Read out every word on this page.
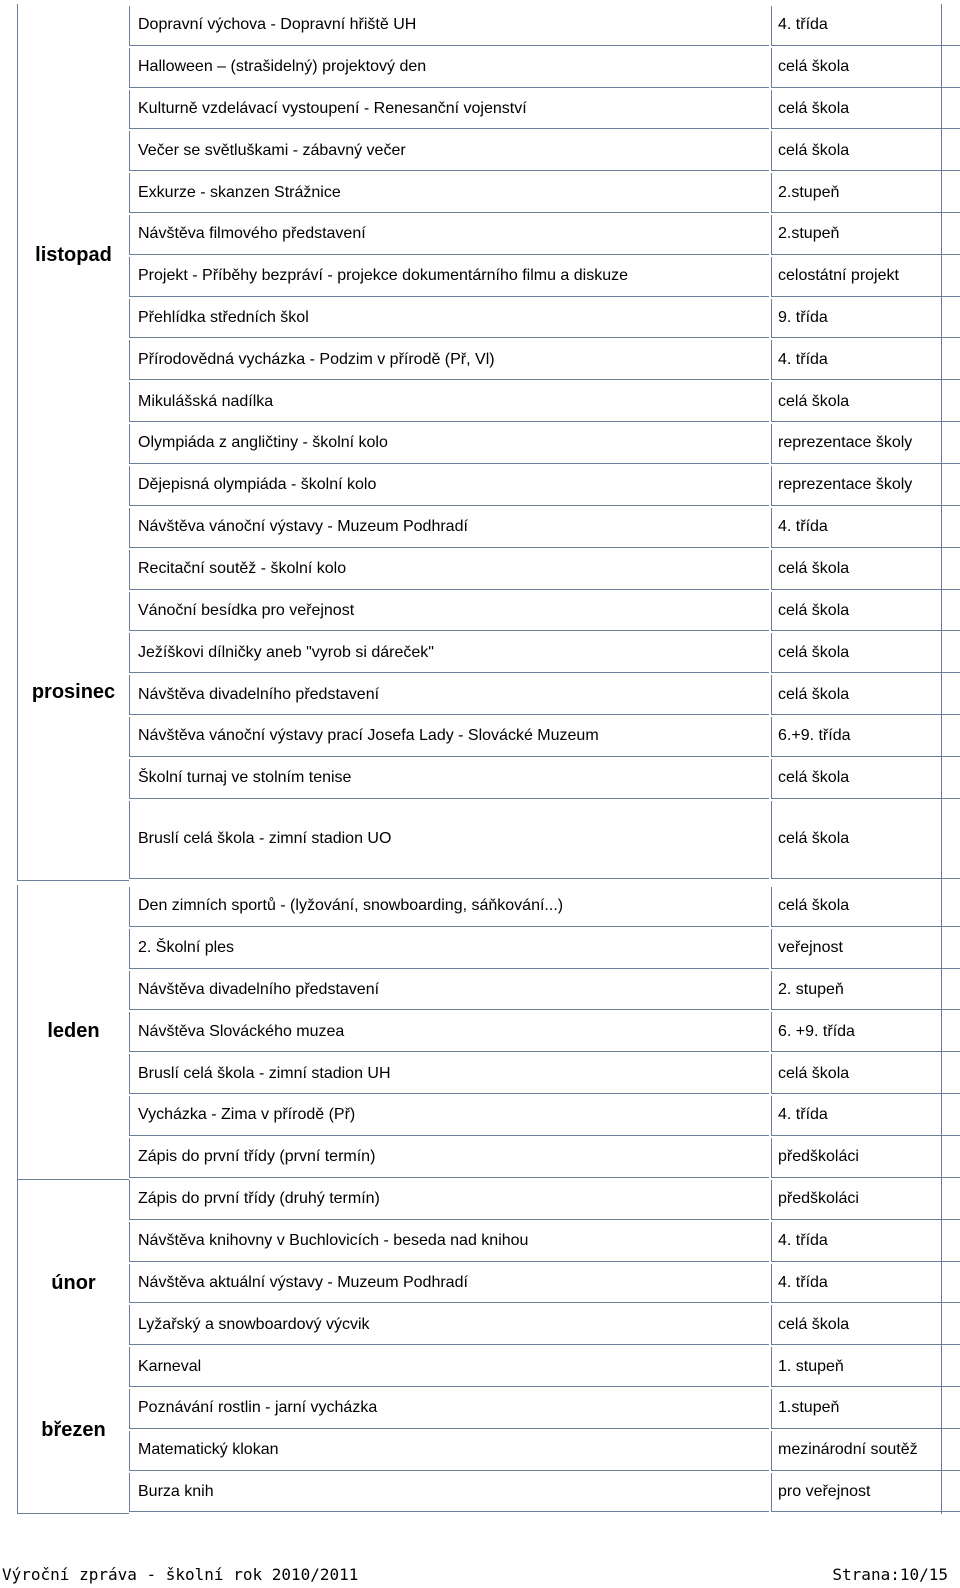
listopad
Dopravní výchova - Dopravní hřiště UH	4. třída
Halloween – (strašidelný) projektový den	celá škola
Kulturně vzdelávací vystoupení - Renesanční vojenství	celá škola
Večer se světluškami - zábavný večer	celá škola
Exkurze - skanzen Strážnice	2.stupeň
Návštěva filmového představení	2.stupeň
Projekt - Příběhy bezpráví - projekce dokumentárního filmu a diskuze	celostátní projekt
Přehlídka středních škol	9. třída
Přírodovědná vycházka - Podzim v přírodě (Př, Vl)	4. třída
Mikulášská nadílka	celá škola
Olympiáda z angličtiny - školní kolo	reprezentace školy
Dějepisná olympiáda - školní kolo	reprezentace školy
prosinec
Návštěva vánoční výstavy - Muzeum Podhradí	4. třída
Recitační soutěž - školní kolo	celá škola
Vánoční besídka pro veřejnost	celá škola
Ježíškovi dílničky aneb "vyrob si dáreček"	celá škola
Návštěva divadelního představení	celá škola
Návštěva vánoční výstavy prací Josefa Lady - Slovácké Muzeum	6.+9. třída
Školní turnaj ve stolním tenise	celá škola
Bruslí celá škola - zimní stadion UO	celá škola
leden
Den zimních sportů - (lyžování, snowboarding, sáňkování...)	celá škola
2. Školní ples	veřejnost
Návštěva divadelního představení	2. stupeň
Návštěva Slováckého muzea	6. +9. třída
Bruslí celá škola - zimní stadion UH	celá škola
Vycházka - Zima v přírodě (Př)	4. třída
Zápis do první třídy (první termín)	předškoláci
únor
Zápis do první třídy (druhý termín)	předškoláci
Návštěva knihovny v Buchlovicích - beseda nad knihou	4. třída
Návštěva aktuální výstavy - Muzeum Podhradí	4. třída
Lyžařský a snowboardový výcvik	celá škola
Karneval	1. stupeň
březen
Poznávání rostlin - jarní vycházka	1.stupeň
Matematický klokan	mezinárodní soutěž
Burza knih	pro veřejnost
Výroční zpráva - školní rok 2010/2011	Strana:10/15
